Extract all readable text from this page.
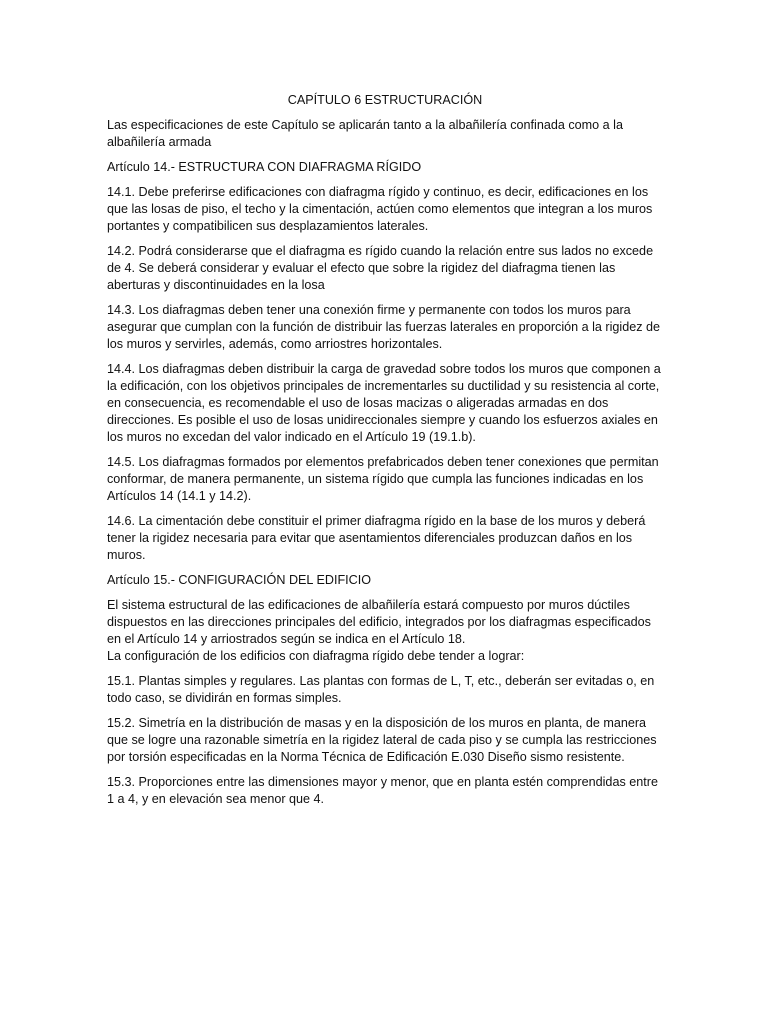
CAPÍTULO 6 ESTRUCTURACIÓN

Las especificaciones de este Capítulo se aplicarán tanto a la albañilería confinada como a la albañilería armada

Artículo 14.- ESTRUCTURA CON DIAFRAGMA RÍGIDO

14.1. Debe preferirse edificaciones con diafragma rígido y continuo, es decir, edificaciones en los que las losas de piso, el techo y la cimentación, actúen como elementos que integran a los muros portantes y compatibilicen sus desplazamientos laterales.

14.2. Podrá considerarse que el diafragma es rígido cuando la relación entre sus lados no excede de 4. Se deberá considerar y evaluar el efecto que sobre la rigidez del diafragma tienen las aberturas y discontinuidades en la losa

14.3. Los diafragmas deben tener una conexión firme y permanente con todos los muros para asegurar que cumplan con la función de distribuir las fuerzas laterales en proporción a la rigidez de los muros y servirles, además, como arriostres horizontales.

14.4. Los diafragmas deben distribuir la carga de gravedad sobre todos los muros que componen a la edificación, con los objetivos principales de incrementarles su ductilidad y su resistencia al corte, en consecuencia, es recomendable el uso de losas macizas o aligeradas armadas en dos direcciones. Es posible el uso de losas unidireccionales siempre y cuando los esfuerzos axiales en los muros no excedan del valor indicado en el Artículo 19 (19.1.b).

14.5. Los diafragmas formados por elementos prefabricados deben tener conexiones que permitan conformar, de manera permanente, un sistema rígido que cumpla las funciones indicadas en los Artículos 14 (14.1 y 14.2).

14.6. La cimentación debe constituir el primer diafragma rígido en la base de los muros y deberá tener la rigidez necesaria para evitar que asentamientos diferenciales produzcan daños en los muros.

Artículo 15.- CONFIGURACIÓN DEL EDIFICIO

El sistema estructural de las edificaciones de albañilería estará compuesto por muros dúctiles dispuestos en las direcciones principales del edificio, integrados por los diafragmas especificados en el Artículo 14 y arriostrados según se indica en el Artículo 18.

La configuración de los edificios con diafragma rígido debe tender a lograr:

15.1. Plantas simples y regulares. Las plantas con formas de L, T, etc., deberán ser evitadas o, en todo caso, se dividirán en formas simples.

15.2. Simetría en la distribución de masas y en la disposición de los muros en planta, de manera que se logre una razonable simetría en la rigidez lateral de cada piso y se cumpla las restricciones por torsión especificadas en la Norma Técnica de Edificación E.030 Diseño sismo resistente.

15.3. Proporciones entre las dimensiones mayor y menor, que en planta estén comprendidas entre 1 a 4, y en elevación sea menor que 4.
